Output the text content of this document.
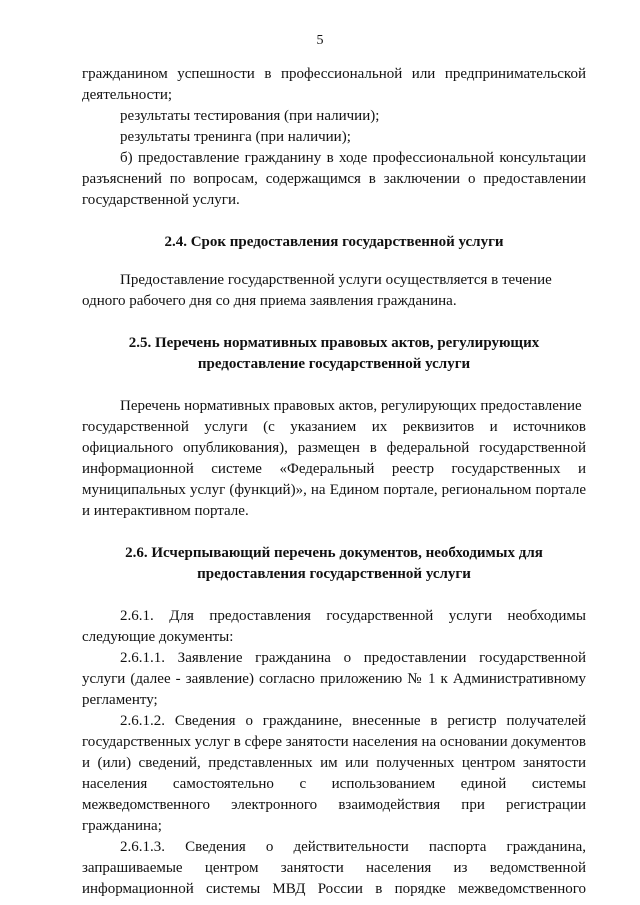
5

гражданином успешности в профессиональной или предпринимательской

деятельности;

результаты тестирования (при наличии);

результаты тренинга (при наличии);

б) предоставление гражданину в ходе профессиональной консультации

разъяснений по вопросам, содержащимся в заключении о предоставлении

государственной услуги.

2.4. Срок предоставления государственной услуги

Предоставление государственной услуги осуществляется в течение

одного рабочего дня со дня приема заявления гражданина.

2.5. Перечень нормативных правовых актов, регулирующих
предоставление государственной услуги

Перечень нормативных правовых актов, регулирующих предоставление

государственной услуги (с указанием их реквизитов и источников

официального опубликования), размещен в федеральной государственной

информационной системе «Федеральный реестр государственных и

муниципальных услуг (функций)», на Едином портале, региональном портале

и интерактивном портале.

2.6. Исчерпывающий перечень документов, необходимых для
предоставления государственной услуги

2.6.1. Для предоставления государственной услуги необходимы

следующие документы:

2.6.1.1. Заявление гражданина о предоставлении государственной

услуги (далее - заявление) согласно приложению № 1 к Административному

регламенту;

2.6.1.2. Сведения о гражданине, внесенные в регистр получателей

государственных услуг в сфере занятости населения на основании документов

и (или) сведений, представленных им или полученных центром занятости

населения самостоятельно с использованием единой системы

межведомственного электронного взаимодействия при регистрации

гражданина;

2.6.1.3. Сведения о действительности паспорта гражданина,

запрашиваемые центром занятости населения из ведомственной

информационной системы МВД России в порядке межведомственного
